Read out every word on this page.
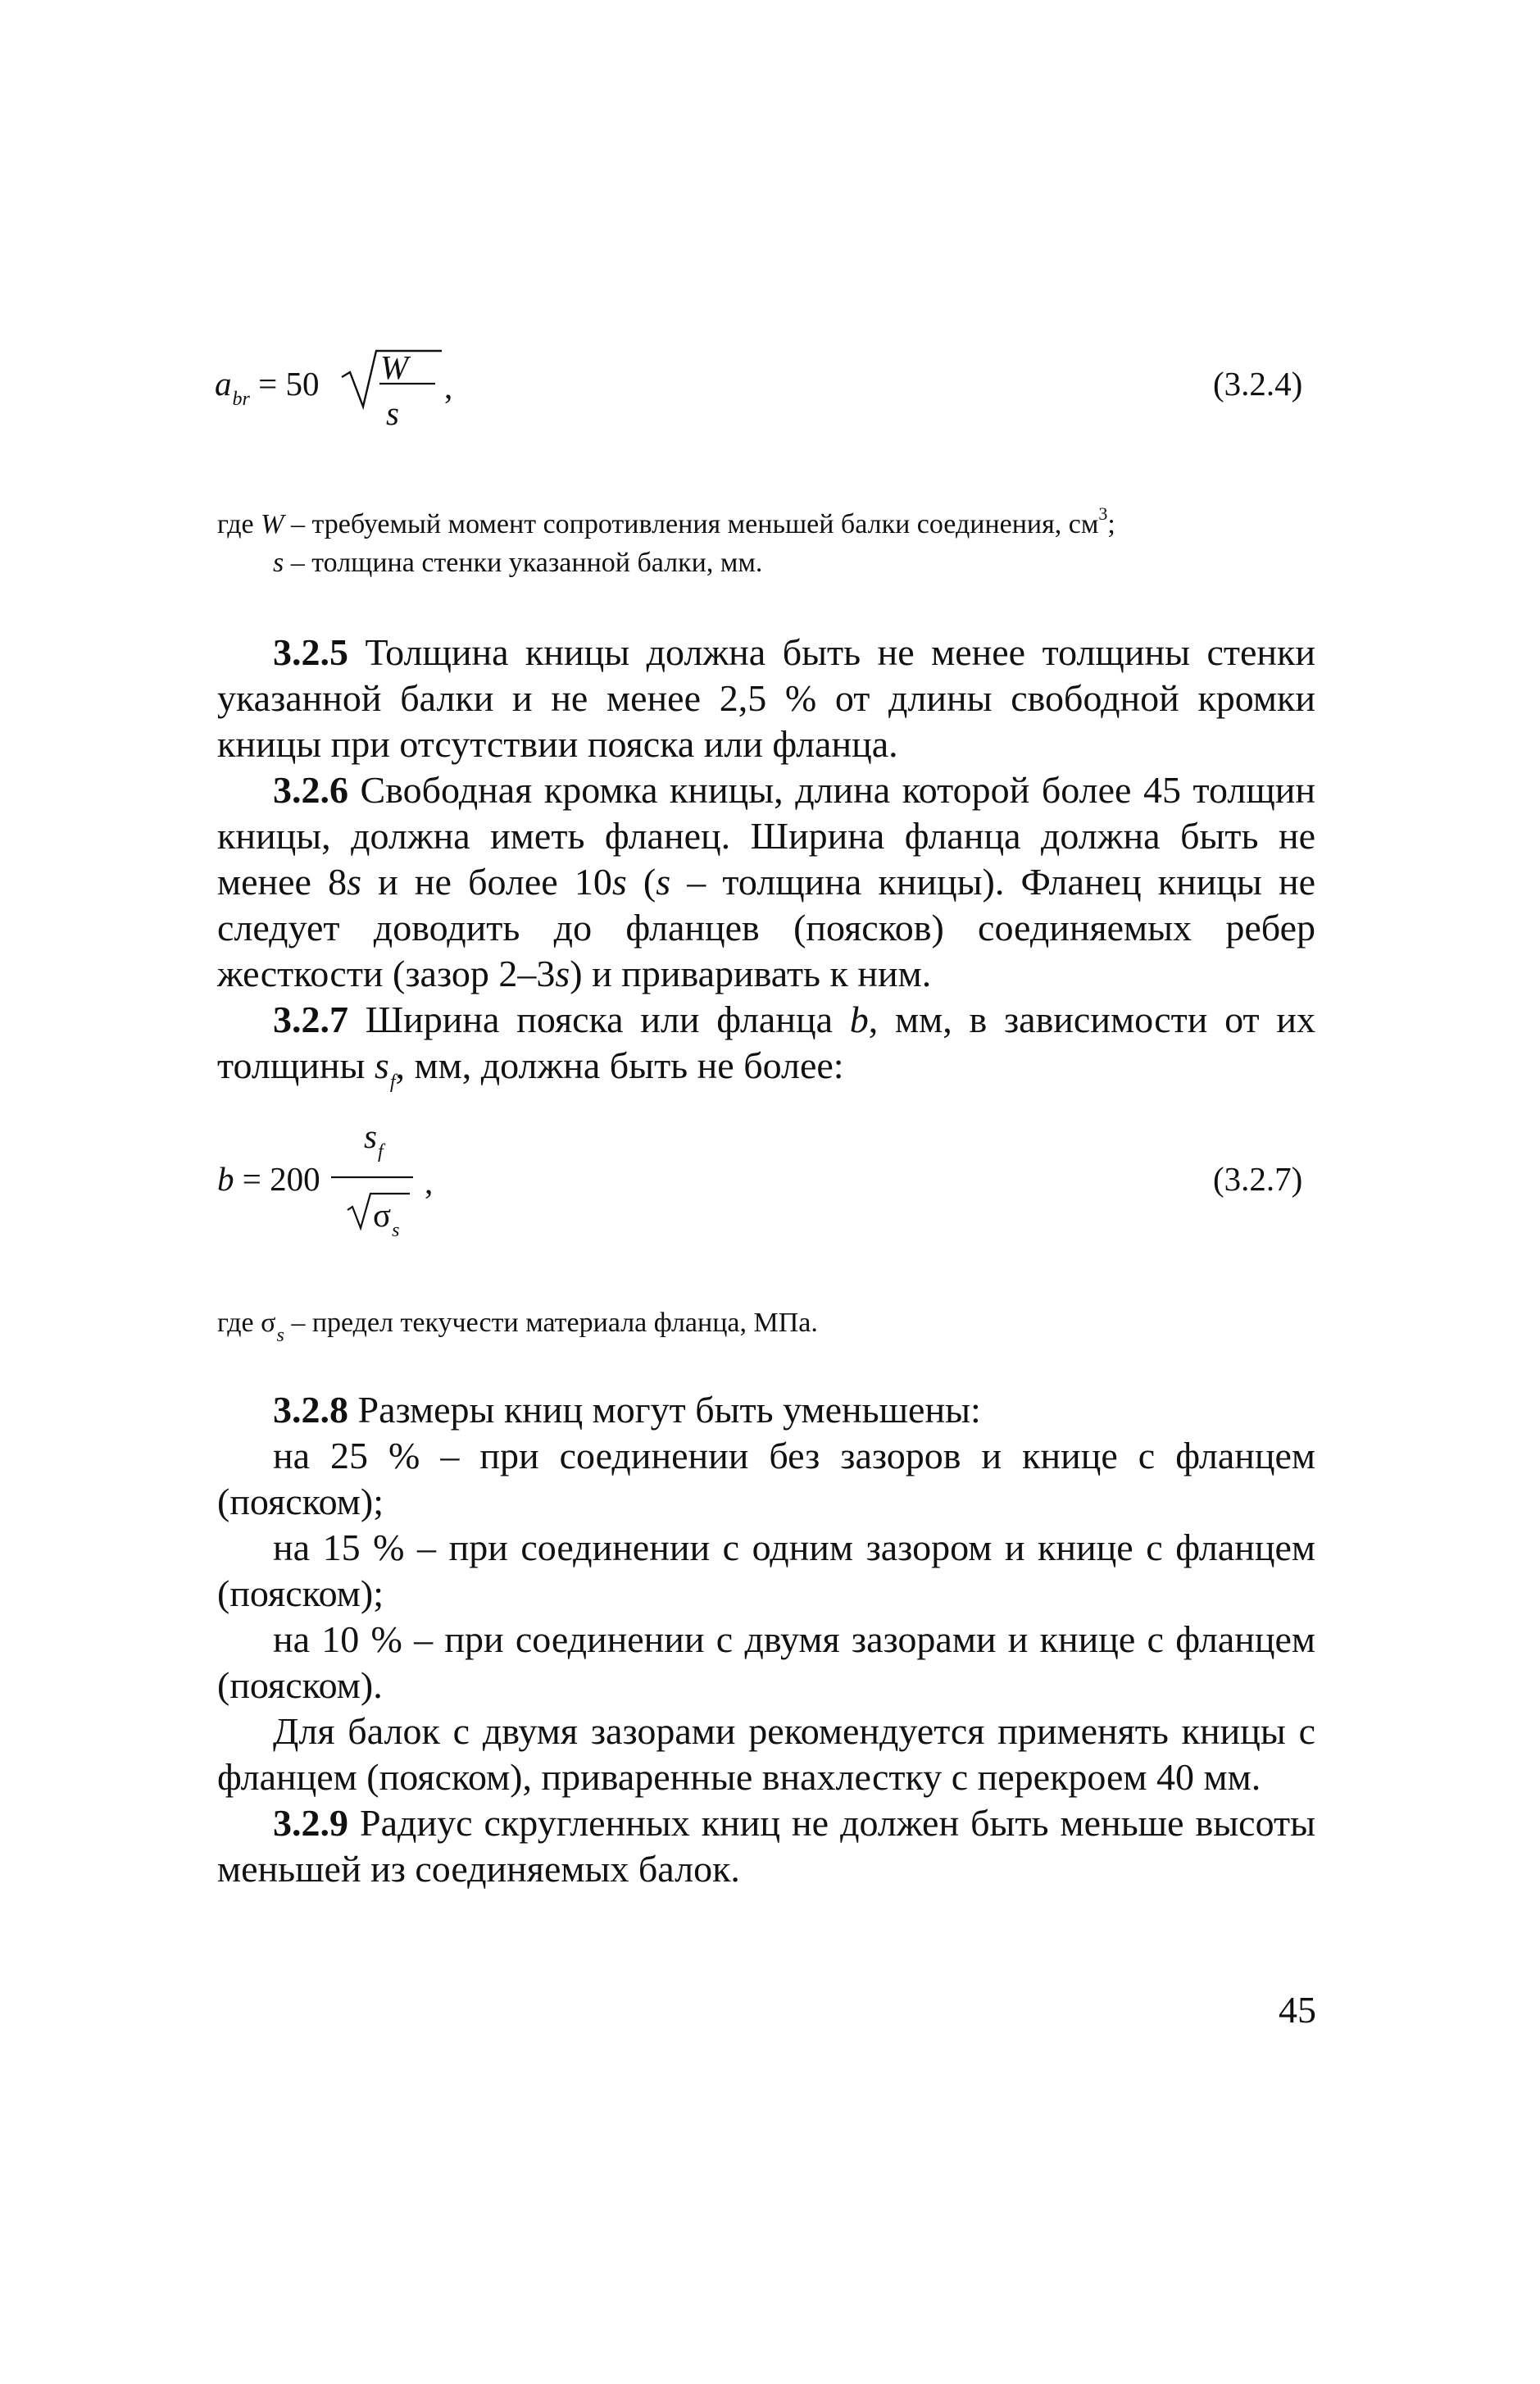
$a_{br} = 50$ W
s
,	(3.2.4)
где W – требуемый момент сопротивления меньшей балки соединения, $см^3$;
s – толщина стенки указанной балки, мм.

3.2.5 Толщина кницы должна быть не менее толщины стенки указанной балки и не менее 2,5 % от длины свободной кромки кницы при отсутствии пояска или фланца.

3.2.6 Свободная кромка кницы, длина которой более 45 толщин кницы, должна иметь фланец. Ширина фланца должна быть не менее 8s и не более 10s (s – толщина кницы). Фланец кницы не следует доводить до фланцев (поясков) соединяемых ребер жесткости (зазор 2–3s) и приваривать к ним.

3.2.7 Ширина пояска или фланца b, мм, в зависимости от их толщины $s_f$, мм, должна быть не более:

b = 200
$s_f$
$\sigma_s$
,	(3.2.7)
где $\sigma_s$ – предел текучести материала фланца, МПа.

3.2.8 Размеры книц могут быть уменьшены:

на 25 % – при соединении без зазоров и книце с фланцем (пояском);

на 15 % – при соединении с одним зазором и книце с фланцем (пояском);

на 10 % – при соединении с двумя зазорами и книце с фланцем (пояском).

Для балок с двумя зазорами рекомендуется применять кницы с фланцем (пояском), приваренные внахлестку с перекроем 40 мм.

3.2.9 Радиус скругленных книц не должен быть меньше высоты меньшей из соединяемых балок.

45
